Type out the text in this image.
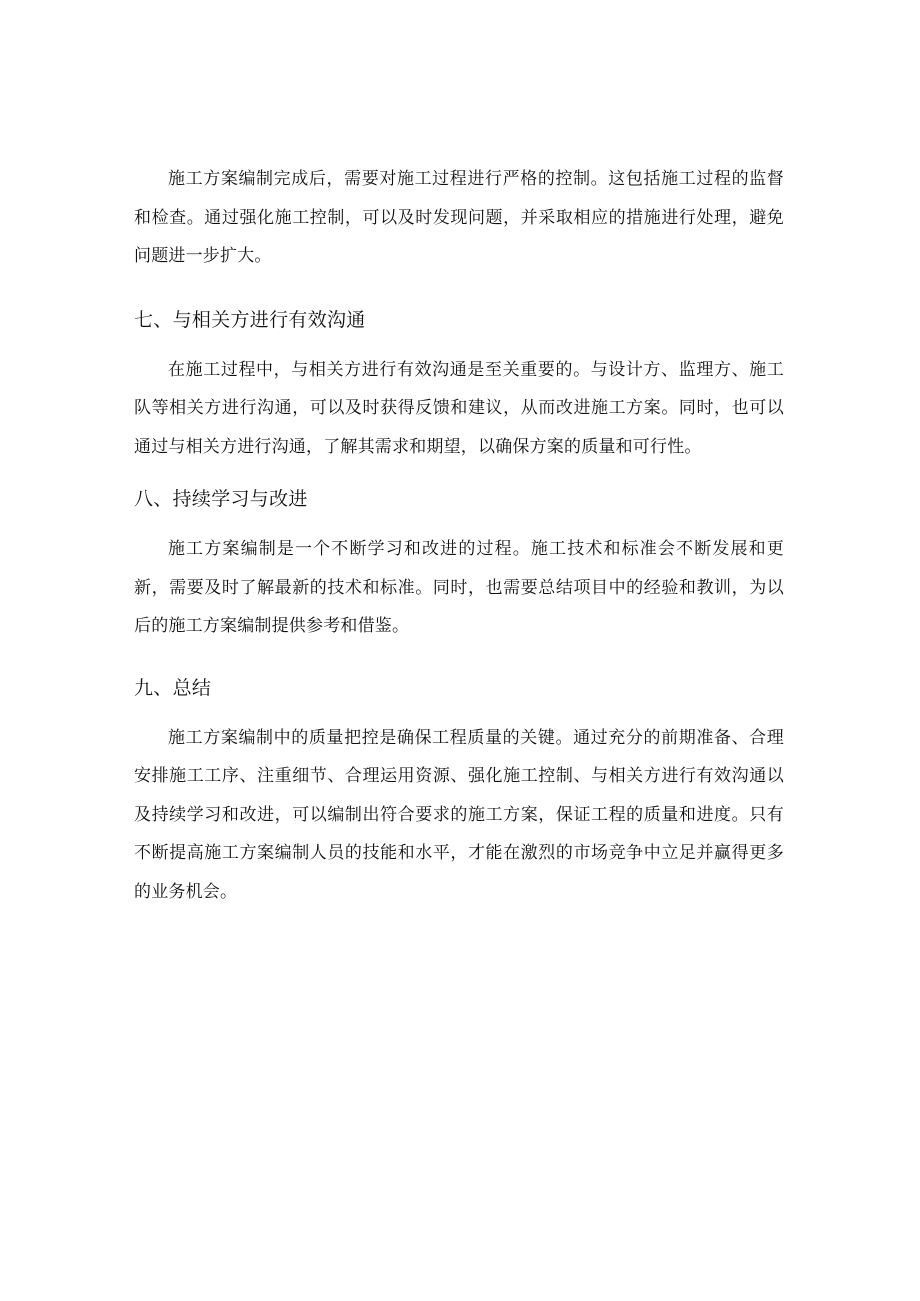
施工方案编制完成后，需要对施工过程进行严格的控制。这包括施工过程的监督和检查。通过强化施工控制，可以及时发现问题，并采取相应的措施进行处理，避免问题进一步扩大。

七、与相关方进行有效沟通

在施工过程中，与相关方进行有效沟通是至关重要的。与设计方、监理方、施工队等相关方进行沟通，可以及时获得反馈和建议，从而改进施工方案。同时，也可以通过与相关方进行沟通，了解其需求和期望，以确保方案的质量和可行性。

八、持续学习与改进

施工方案编制是一个不断学习和改进的过程。施工技术和标准会不断发展和更新，需要及时了解最新的技术和标准。同时，也需要总结项目中的经验和教训，为以后的施工方案编制提供参考和借鉴。

九、总结

施工方案编制中的质量把控是确保工程质量的关键。通过充分的前期准备、合理安排施工工序、注重细节、合理运用资源、强化施工控制、与相关方进行有效沟通以及持续学习和改进，可以编制出符合要求的施工方案，保证工程的质量和进度。只有不断提高施工方案编制人员的技能和水平，才能在激烈的市场竞争中立足并赢得更多的业务机会。
